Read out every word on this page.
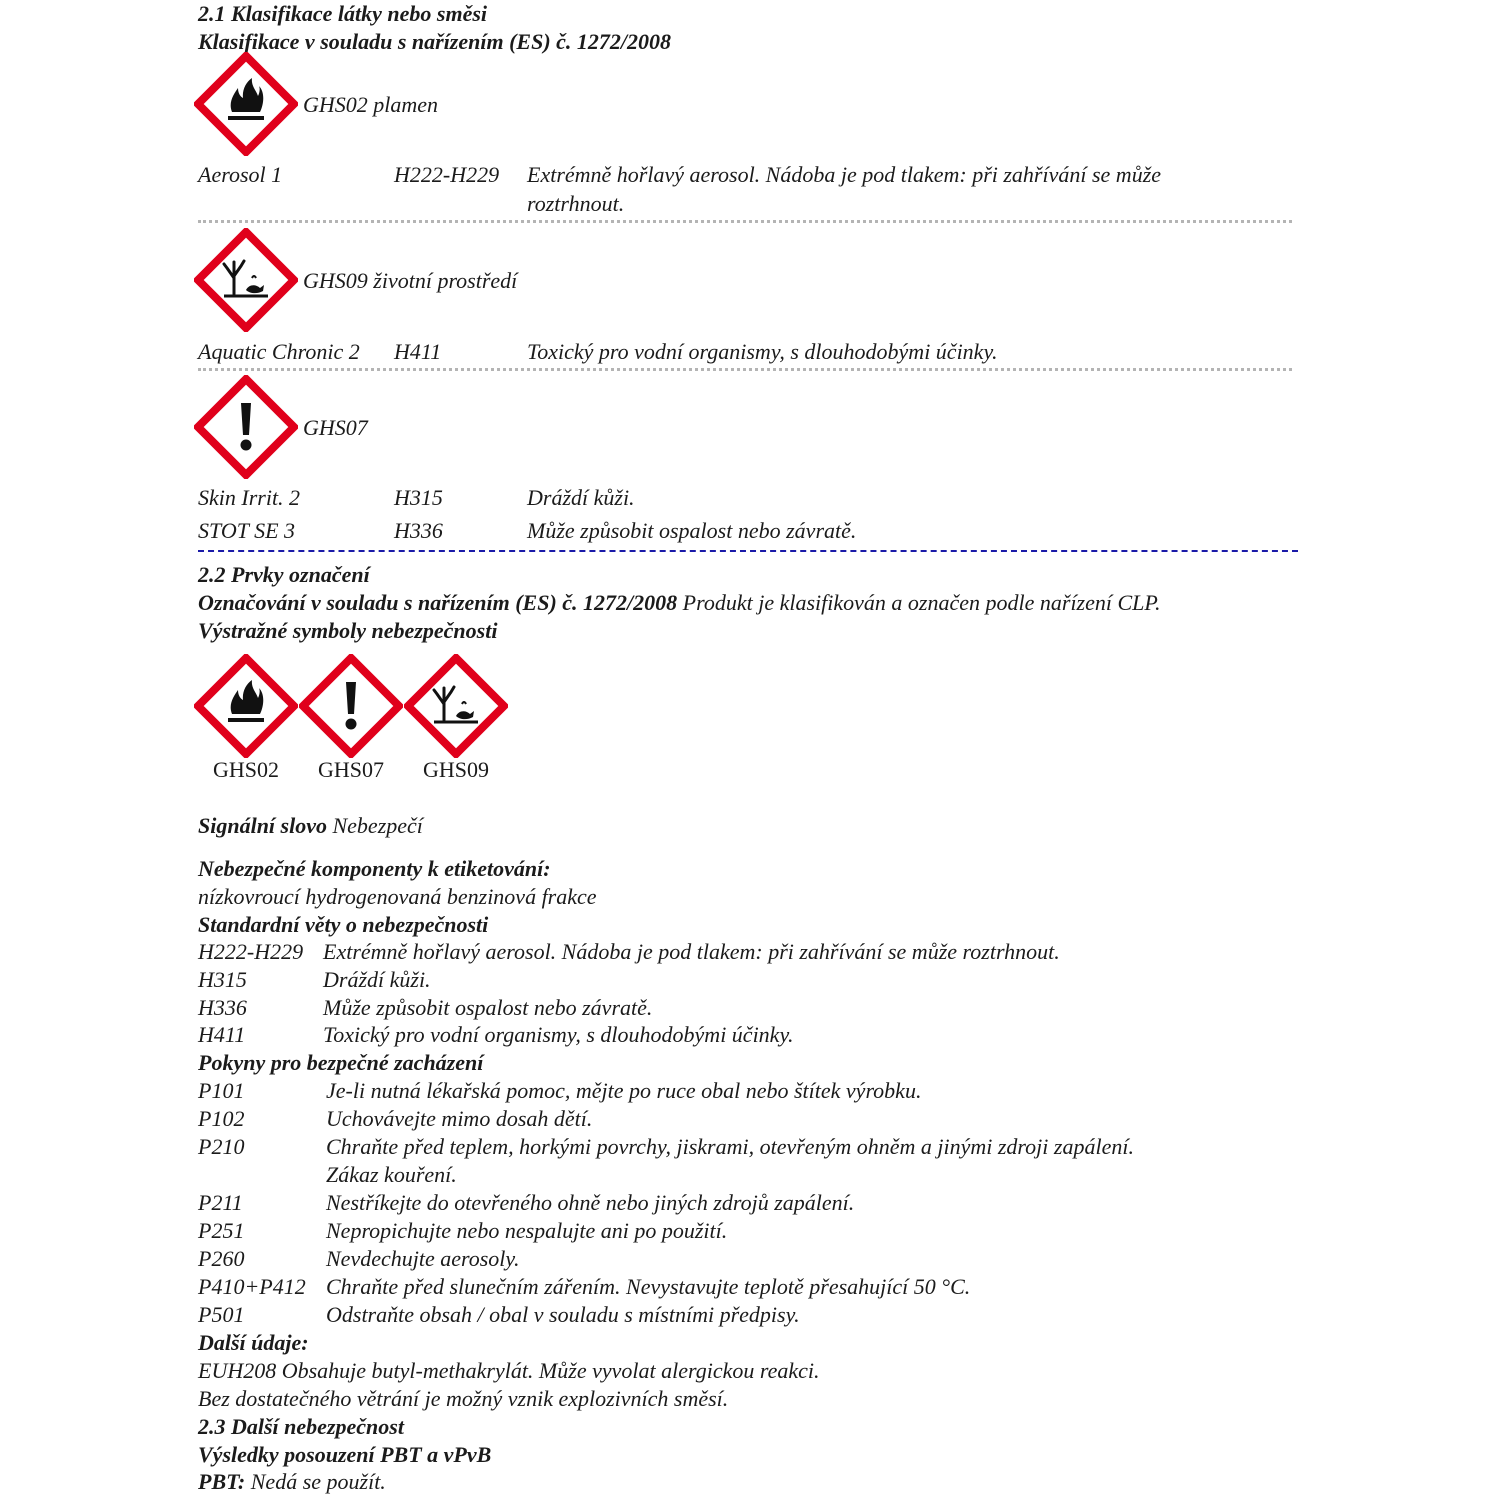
2.1 Klasifikace látky nebo směsi
Klasifikace v souladu s nařízením (ES) č. 1272/2008
GHS02 plamen
Aerosol 1	H222-H229 Extrémně hořlavý aerosol. Nádoba je pod tlakem: při zahřívání se může
roztrhnout.
GHS09 životní prostředí
Aquatic Chronic 2 H411	Toxický pro vodní organismy, s dlouhodobými účinky.
GHS07
Skin Irrit. 2	H315	Dráždí kůži.
STOT SE 3	H336	Může způsobit ospalost nebo závratě.
2.2 Prvky označení
Označování v souladu s nařízením (ES) č. 1272/2008 Produkt je klasifikován a označen podle nařízení CLP.
Výstražné symboly nebezpečnosti
GHS02	GHS07	GHS09
Signální slovo Nebezpečí
Nebezpečné komponenty k etiketování:
nízkovroucí hydrogenovaná benzinová frakce
Standardní věty o nebezpečnosti
H222-H229 Extrémně hořlavý aerosol. Nádoba je pod tlakem: při zahřívání se může roztrhnout.
H315	Dráždí kůži.
H336	Může způsobit ospalost nebo závratě.
H411	Toxický pro vodní organismy, s dlouhodobými účinky.
Pokyny pro bezpečné zacházení
P101	Je-li nutná lékařská pomoc, mějte po ruce obal nebo štítek výrobku.
P102	Uchovávejte mimo dosah dětí.
P210	Chraňte před teplem, horkými povrchy, jiskrami, otevřeným ohněm a jinými zdroji zapálení.
Zákaz kouření.
P211	Nestříkejte do otevřeného ohně nebo jiných zdrojů zapálení.
P251	Nepropichujte nebo nespalujte ani po použití.
P260	Nevdechujte aerosoly.
P410+P412 Chraňte před slunečním zářením. Nevystavujte teplotě přesahující 50 °C.
P501	Odstraňte obsah / obal v souladu s místními předpisy.
Další údaje:
EUH208 Obsahuje butyl-methakrylát. Může vyvolat alergickou reakci.
Bez dostatečného větrání je možný vznik explozivních směsí.
2.3 Další nebezpečnost
Výsledky posouzení PBT a vPvB
PBT: Nedá se použít.
